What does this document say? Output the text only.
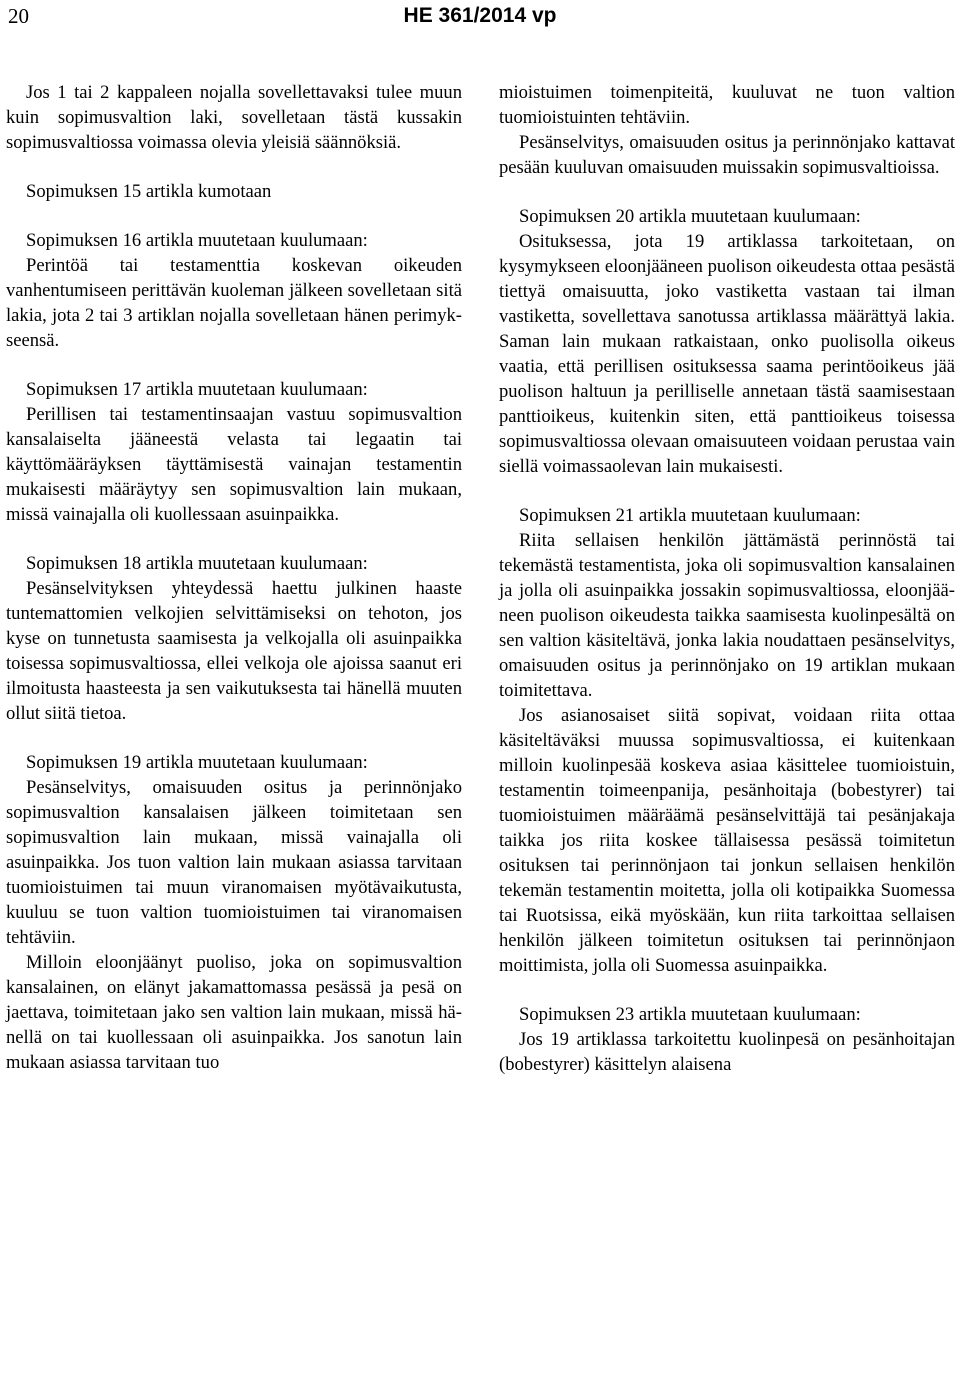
20	HE 361/2014 vp

Jos 1 tai 2 kappaleen nojalla sovellettavaksi tulee muun kuin sopimusvaltion laki, sovelletaan tästä kussakin sopimusvaltiossa voimassa olevia yleisiä säännöksiä.

Sopimuksen 15 artikla kumotaan

Sopimuksen 16 artikla muutetaan kuulumaan:

Perintöä tai testamenttia koskevan oikeuden vanhentumiseen perittävän kuoleman jälkeen sovelletaan sitä lakia, jota 2 tai 3 artiklan nojalla sovelletaan hänen perimykseensä.

Sopimuksen 17 artikla muutetaan kuulumaan:

Perillisen tai testamentinsaajan vastuu sopimusvaltion kansalaiselta jääneestä velasta tai legaatin tai käyttömääräyksen täyttämisestä vainajan testamentin mukaisesti määräytyy sen sopimusvaltion lain mukaan, missä vainajalla oli kuollessaan asuinpaikka.

Sopimuksen 18 artikla muutetaan kuulumaan:

Pesänselvityksen yhteydessä haettu julkinen haaste tuntemattomien velkojien selvittämiseksi on tehoton, jos kyse on tunnetusta saamisesta ja velkojalla oli asuinpaikka toisessa sopimusvaltiossa, ellei velkoja ole ajoissa saanut eri ilmoitusta haasteesta ja sen vaikutuksesta tai hänellä muuten ollut siitä tietoa.

Sopimuksen 19 artikla muutetaan kuulumaan:

Pesänselvitys, omaisuuden ositus ja perinnönjako sopimusvaltion kansalaisen jälkeen toimitetaan sen sopimusvaltion lain mukaan, missä vainajalla oli asuinpaikka. Jos tuon valtion lain mukaan asiassa tarvitaan tuomioistuimen tai muun viranomaisen myötävaikutusta, kuuluu se tuon valtion tuomioistuimen tai viranomaisen tehtäviin.

Milloin eloonjäänyt puoliso, joka on sopimusvaltion kansalainen, on elänyt jakamattomassa pesässä ja pesä on jaettava, toimitetaan jako sen valtion lain mukaan, missä hänellä on tai kuollessaan oli asuinpaikka. Jos sanotun lain mukaan asiassa tarvitaan tuo

mioistuimen toimenpiteitä, kuuluvat ne tuon valtion tuomioistuinten tehtäviin.

Pesänselvitys, omaisuuden ositus ja perinnönjako kattavat pesään kuuluvan omaisuuden muissakin sopimusvaltioissa.

Sopimuksen 20 artikla muutetaan kuulumaan:

Osituksessa, jota 19 artiklassa tarkoitetaan, on kysymykseen eloonjääneen puolison oikeudesta ottaa pesästä tiettyä omaisuutta, joko vastiketta vastaan tai ilman vastiketta, sovellettava sanotussa artiklassa määrättyä lakia. Saman lain mukaan ratkaistaan, onko puolisolla oikeus vaatia, että perillisen osituksessa saama perintöoikeus jää puolison haltuun ja perilliselle annetaan tästä saamisestaan panttioikeus, kuitenkin siten, että panttioikeus toisessa sopimusvaltiossa olevaan omaisuuteen voidaan perustaa vain siellä voimassaolevan lain mukaisesti.

Sopimuksen 21 artikla muutetaan kuulumaan:

Riita sellaisen henkilön jättämästä perinnöstä tai tekemästä testamentista, joka oli sopimusvaltion kansalainen ja jolla oli asuinpaikka jossakin sopimusvaltiossa, eloonjääneen puolison oikeudesta taikka saamisesta kuolinpesältä on sen valtion käsiteltävä, jonka lakia noudattaen pesänselvitys, omaisuuden ositus ja perinnönjako on 19 artiklan mukaan toimitettava.

Jos asianosaiset siitä sopivat, voidaan riita ottaa käsiteltäväksi muussa sopimusvaltiossa, ei kuitenkaan milloin kuolinpesää koskeva asiaa käsittelee tuomioistuin, testamentin toimeenpanija, pesänhoitaja (bobestyrer) tai tuomioistuimen määräämä pesänselvittäjä tai pesänjakaja taikka jos riita koskee tällaisessa pesässä toimitetun osituksen tai perinnönjaon tai jonkun sellaisen henkilön tekemän testamentin moitetta, jolla oli kotipaikka Suomessa tai Ruotsissa, eikä myöskään, kun riita tarkoittaa sellaisen henkilön jälkeen toimitetun osituksen tai perinnönjaon moittimista, jolla oli Suomessa asuinpaikka.

Sopimuksen 23 artikla muutetaan kuulumaan:

Jos 19 artiklassa tarkoitettu kuolinpesä on pesänhoitajan (bobestyrer) käsittelyn alaisena
